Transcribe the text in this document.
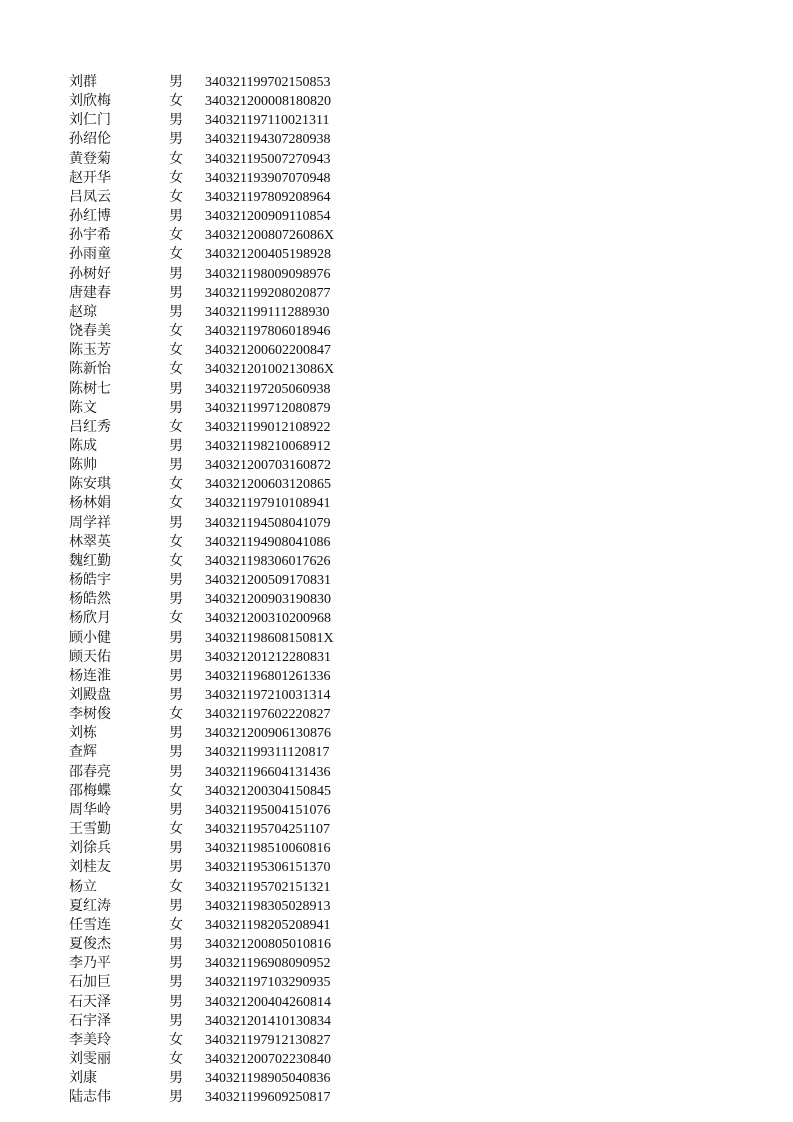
刘群	男 340321199702150853
刘欣梅	女 340321200008180820
刘仁门	男 340321197110021311
孙绍伦	男 340321194307280938
黄登菊	女 340321195007270943
赵开华	女 340321193907070948
吕凤云	女 340321197809208964
孙红博	男 340321200909110854
孙宇希	女 34032120080726086X
孙雨童	女 340321200405198928
孙树好	男 340321198009098976
唐建春	男 340321199208020877
赵琼	男 340321199111288930
饶春美	女 340321197806018946
陈玉芳	女 340321200602200847
陈新怡	女 34032120100213086X
陈树七	男 340321197205060938
陈文	男 340321199712080879
吕红秀	女 340321199012108922
陈成	男 340321198210068912
陈帅	男 340321200703160872
陈安琪	女 340321200603120865
杨林娟	女 340321197910108941
周学祥	男 340321194508041079
林翠英	女 340321194908041086
魏红勤	女 340321198306017626
杨皓宇	男 340321200509170831
杨皓然	男 340321200903190830
杨欣月	女 340321200310200968
顾小健	男 34032119860815081X
顾天佑	男 340321201212280831
杨连淮	男 340321196801261336
刘殿盘	男 340321197210031314
李树俊	女 340321197602220827
刘栋	男 340321200906130876
查辉	男 340321199311120817
邵春亮	男 340321196604131436
邵梅蝶	女 340321200304150845
周华岭	男 340321195004151076
王雪勤	女 340321195704251107
刘徐兵	男 340321198510060816
刘桂友	男 340321195306151370
杨立	女 340321195702151321
夏红涛	男 340321198305028913
任雪连	女 340321198205208941
夏俊杰	男 340321200805010816
李乃平	男 340321196908090952
石加巨	男 340321197103290935
石天泽	男 340321200404260814
石宇泽	男 340321201410130834
李美玲	女 340321197912130827
刘雯丽	女 340321200702230840
刘康	男 340321198905040836
陆志伟	男 340321199609250817
